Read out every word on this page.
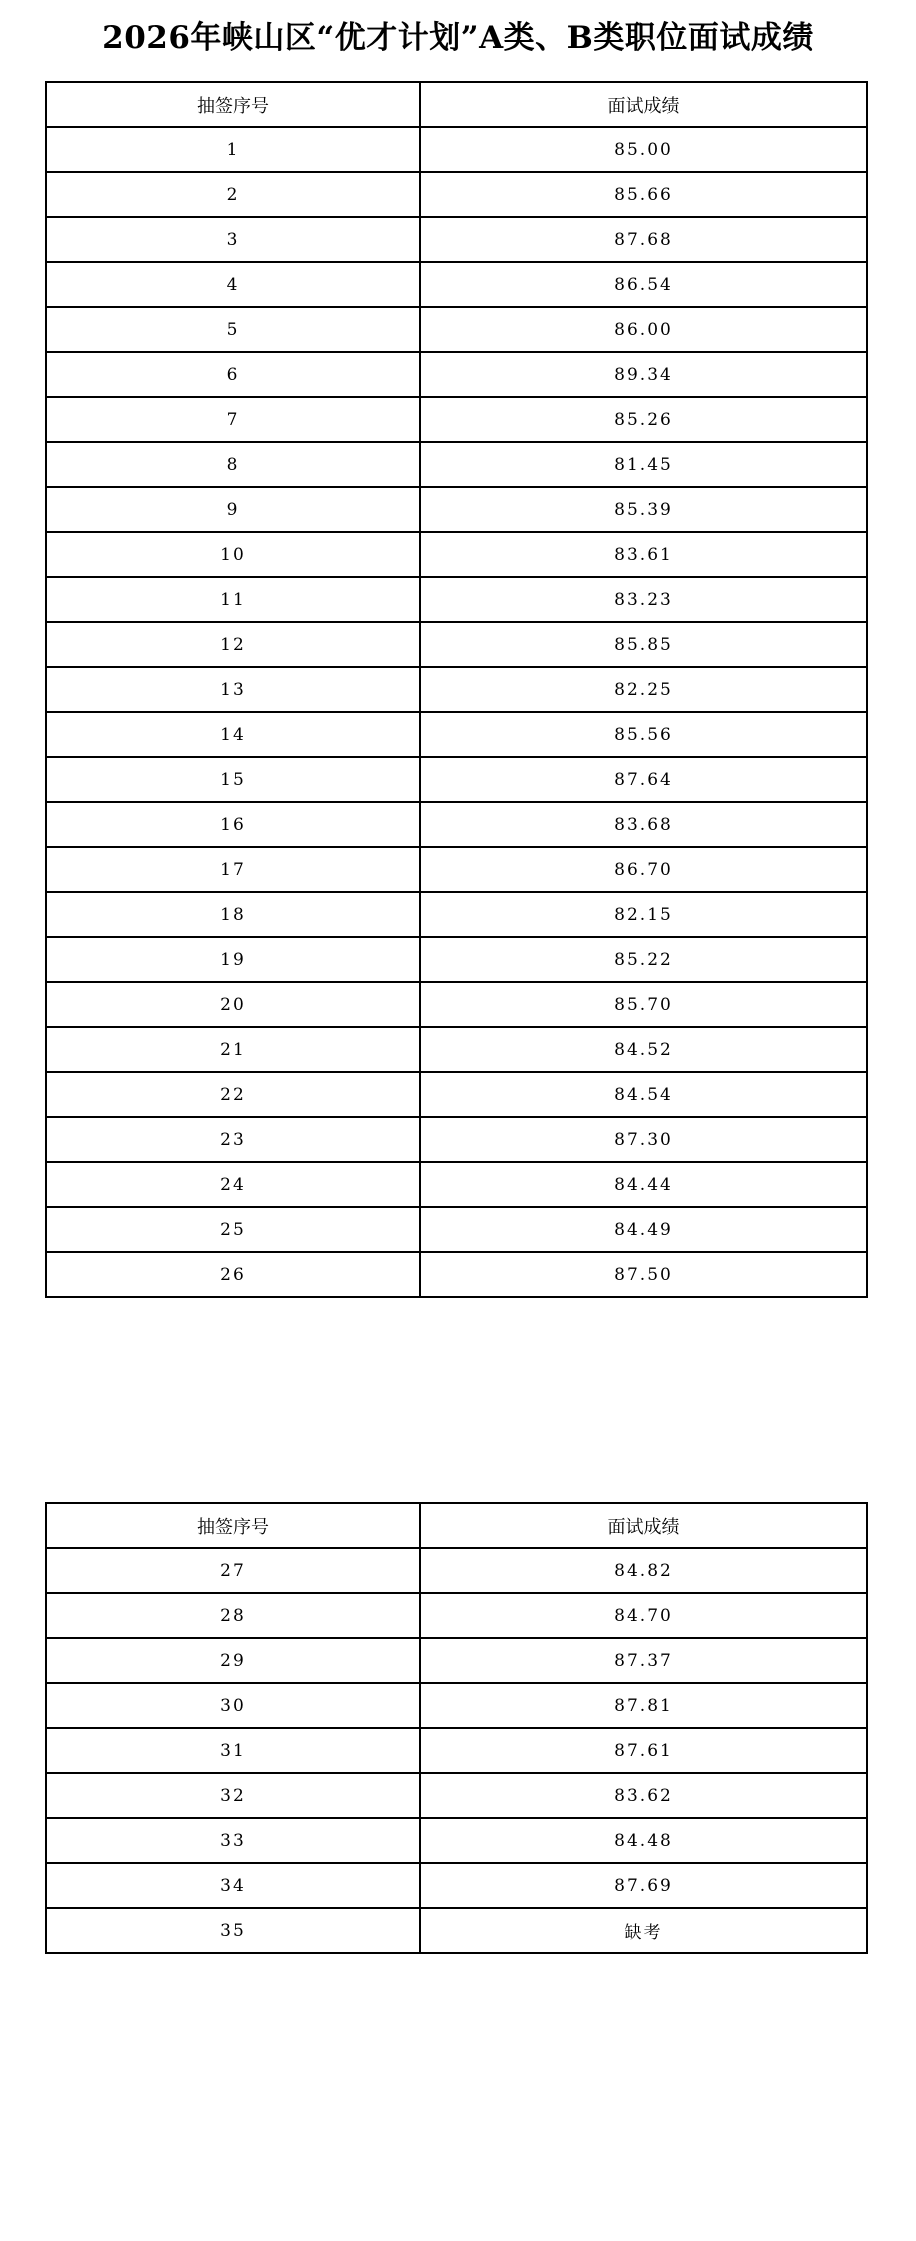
2026年峡山区“优才计划”A类、B类职位面试成绩
抽签序号	面试成绩
1	85.00
2	85.66
3	87.68
4	86.54
5	86.00
6	89.34
7	85.26
8	81.45
9	85.39
10	83.61
11	83.23
12	85.85
13	82.25
14	85.56
15	87.64
16	83.68
17	86.70
18	82.15
19	85.22
20	85.70
21	84.52
22	84.54
23	87.30
24	84.44
25	84.49
26	87.50
抽签序号	面试成绩
27	84.82
28	84.70
29	87.37
30	87.81
31	87.61
32	83.62
33	84.48
34	87.69
35	缺考
